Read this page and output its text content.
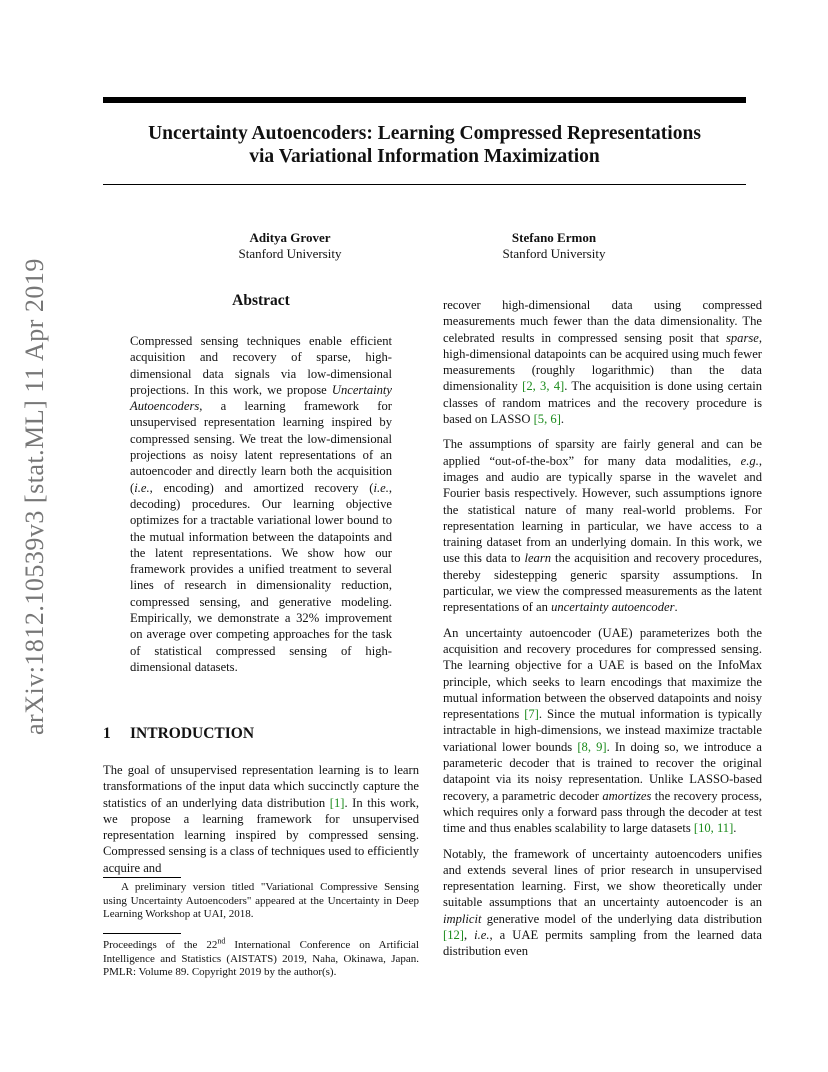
Uncertainty Autoencoders: Learning Compressed Representations
via Variational Information Maximization
Aditya Grover
Stanford University
Stefano Ermon
Stanford University
arXiv:1812.10539v3 [stat.ML] 11 Apr 2019	Abstract

Compressed sensing techniques enable efficient acquisition and recovery of sparse, high-dimensional data signals via low-dimensional projections. In this work, we propose Uncertainty Autoencoders, a learning framework for unsupervised representation learning inspired by compressed sensing. We treat the low-dimensional projections as noisy latent representations of an autoencoder and directly learn both the acquisition (i.e., encoding) and amortized recovery (i.e., decoding) procedures. Our learning objective optimizes for a tractable variational lower bound to the mutual information between the datapoints and the latent representations. We show how our framework provides a unified treatment to several lines of research in dimensionality reduction, compressed sensing, and generative modeling. Empirically, we demonstrate a 32% improvement on average over competing approaches for the task of statistical compressed sensing of high-dimensional datasets.

1 INTRODUCTION

The goal of unsupervised representation learning is to learn transformations of the input data which succinctly capture the statistics of an underlying data distribution [1]. In this work, we propose a learning framework for unsupervised representation learning inspired by compressed sensing. Compressed sensing is a class of techniques used to efficiently acquire and

A preliminary version titled "Variational Compressive Sensing using Uncertainty Autoencoders" appeared at the Uncertainty in Deep Learning Workshop at UAI, 2018.

Proceedings of the 22nd International Conference on Artificial Intelligence and Statistics (AISTATS) 2019, Naha, Okinawa, Japan. PMLR: Volume 89. Copyright 2019 by the author(s).

recover high-dimensional data using compressed measurements much fewer than the data dimensionality. The celebrated results in compressed sensing posit that sparse, high-dimensional datapoints can be acquired using much fewer measurements (roughly logarithmic) than the data dimensionality [2, 3, 4]. The acquisition is done using certain classes of random matrices and the recovery procedure is based on LASSO [5, 6].

The assumptions of sparsity are fairly general and can be applied “out-of-the-box” for many data modalities, e.g., images and audio are typically sparse in the wavelet and Fourier basis respectively. However, such assumptions ignore the statistical nature of many real-world problems. For representation learning in particular, we have access to a training dataset from an underlying domain. In this work, we use this data to learn the acquisition and recovery procedures, thereby sidestepping generic sparsity assumptions. In particular, we view the compressed measurements as the latent representations of an uncertainty autoencoder.

An uncertainty autoencoder (UAE) parameterizes both the acquisition and recovery procedures for compressed sensing. The learning objective for a UAE is based on the InfoMax principle, which seeks to learn encodings that maximize the mutual information between the observed datapoints and noisy representations [7]. Since the mutual information is typically intractable in high-dimensions, we instead maximize tractable variational lower bounds [8, 9]. In doing so, we introduce a parameteric decoder that is trained to recover the original datapoint via its noisy representation. Unlike LASSO-based recovery, a parametric decoder amortizes the recovery process, which requires only a forward pass through the decoder at test time and thus enables scalability to large datasets [10, 11].

Notably, the framework of uncertainty autoencoders unifies and extends several lines of prior research in unsupervised representation learning. First, we show theoretically under suitable assumptions that an uncertainty autoencoder is an implicit generative model of the underlying data distribution [12], i.e., a UAE permits sampling from the learned data distribution even
